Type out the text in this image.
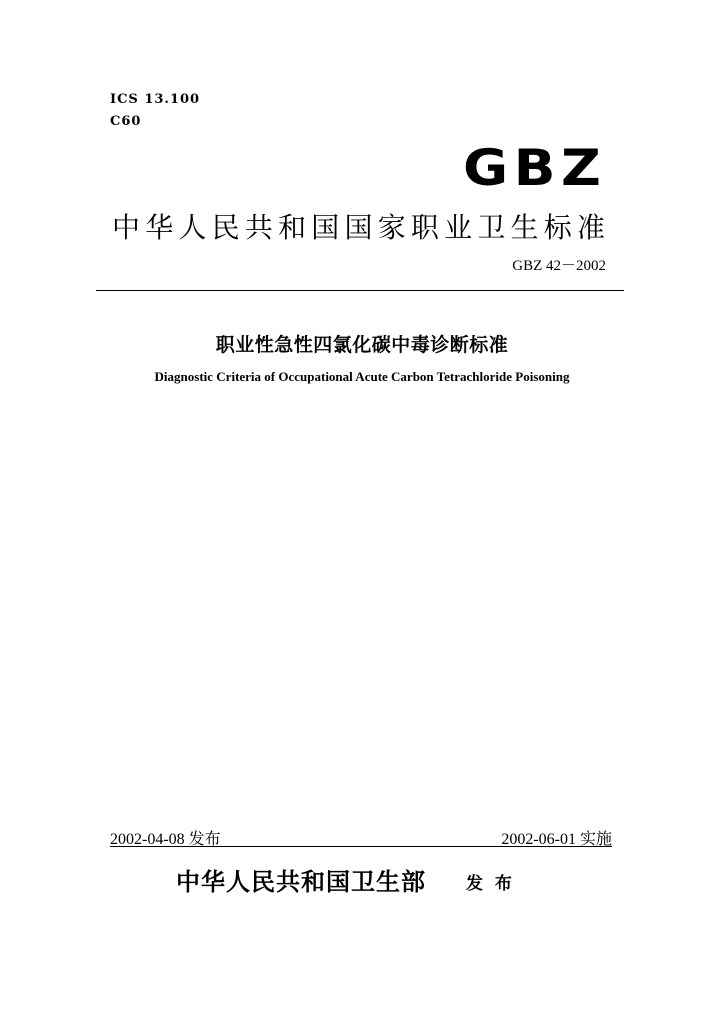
ICS 13.100
C60
GBZ
中华人民共和国国家职业卫生标准
GBZ 42－2002
职业性急性四氯化碳中毒诊断标准
Diagnostic Criteria of Occupational Acute Carbon Tetrachloride Poisoning
2002-04-08 发布	2002-06-01 实施
中华人民共和国卫生部 发 布
